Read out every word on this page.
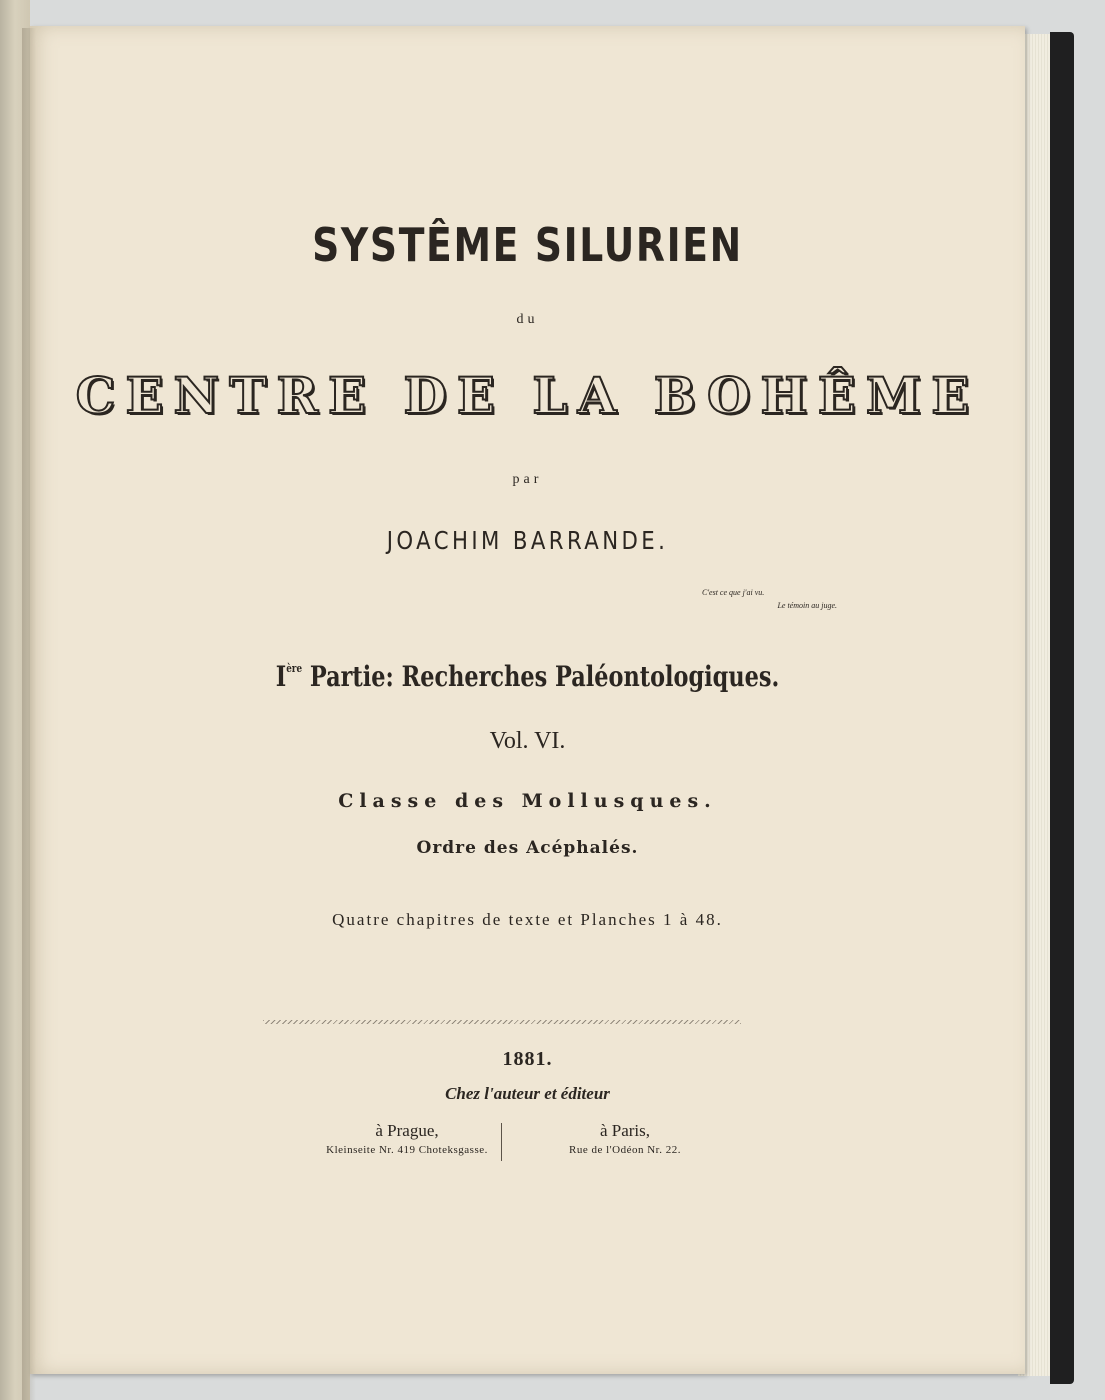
SYSTÊME SILURIEN
du
CENTRE DE LA BOHÊME
par
JOACHIM BARRANDE.
C'est ce que j'ai vu.
Le témoin au juge.
Ière Partie: Recherches Paléontologiques.
Vol. VI.
Classe des Mollusques.
Ordre des Acéphalés.
Quatre chapitres de texte et Planches 1 à 48.
1881.
Chez l'auteur et éditeur
à Prague,
Kleinseite Nr. 419 Choteksgasse.
à Paris,
Rue de l'Odéon Nr. 22.
